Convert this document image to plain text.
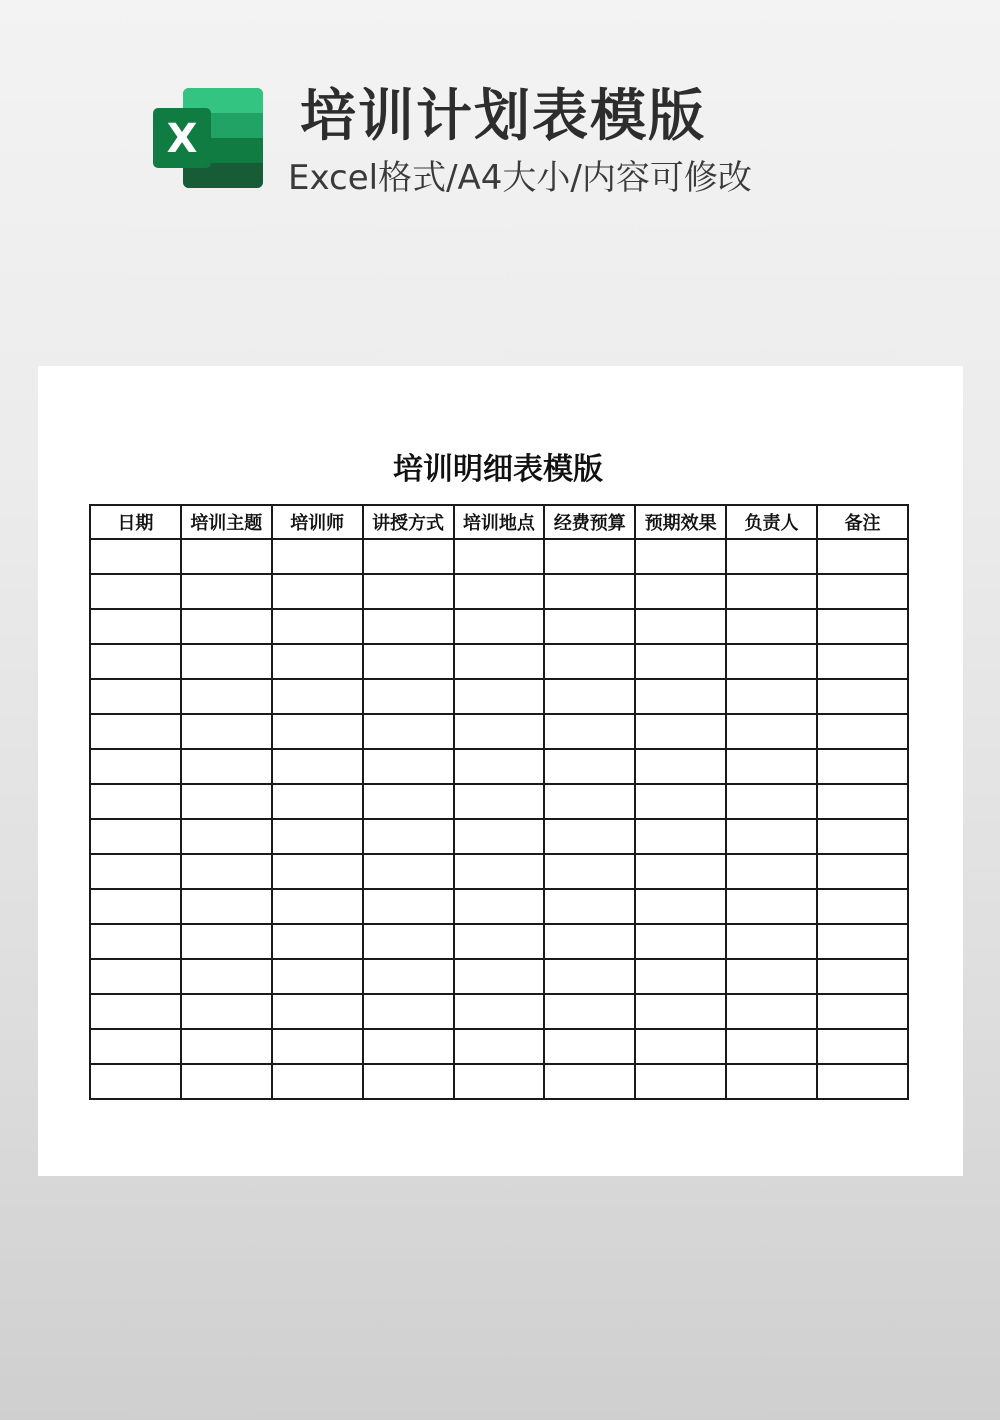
X 培训计划表模版
Excel格式/A4大小/内容可修改
培训明细表模版
日期	培训主题	培训师	讲授方式	培训地点	经费预算	预期效果	负责人	备注
